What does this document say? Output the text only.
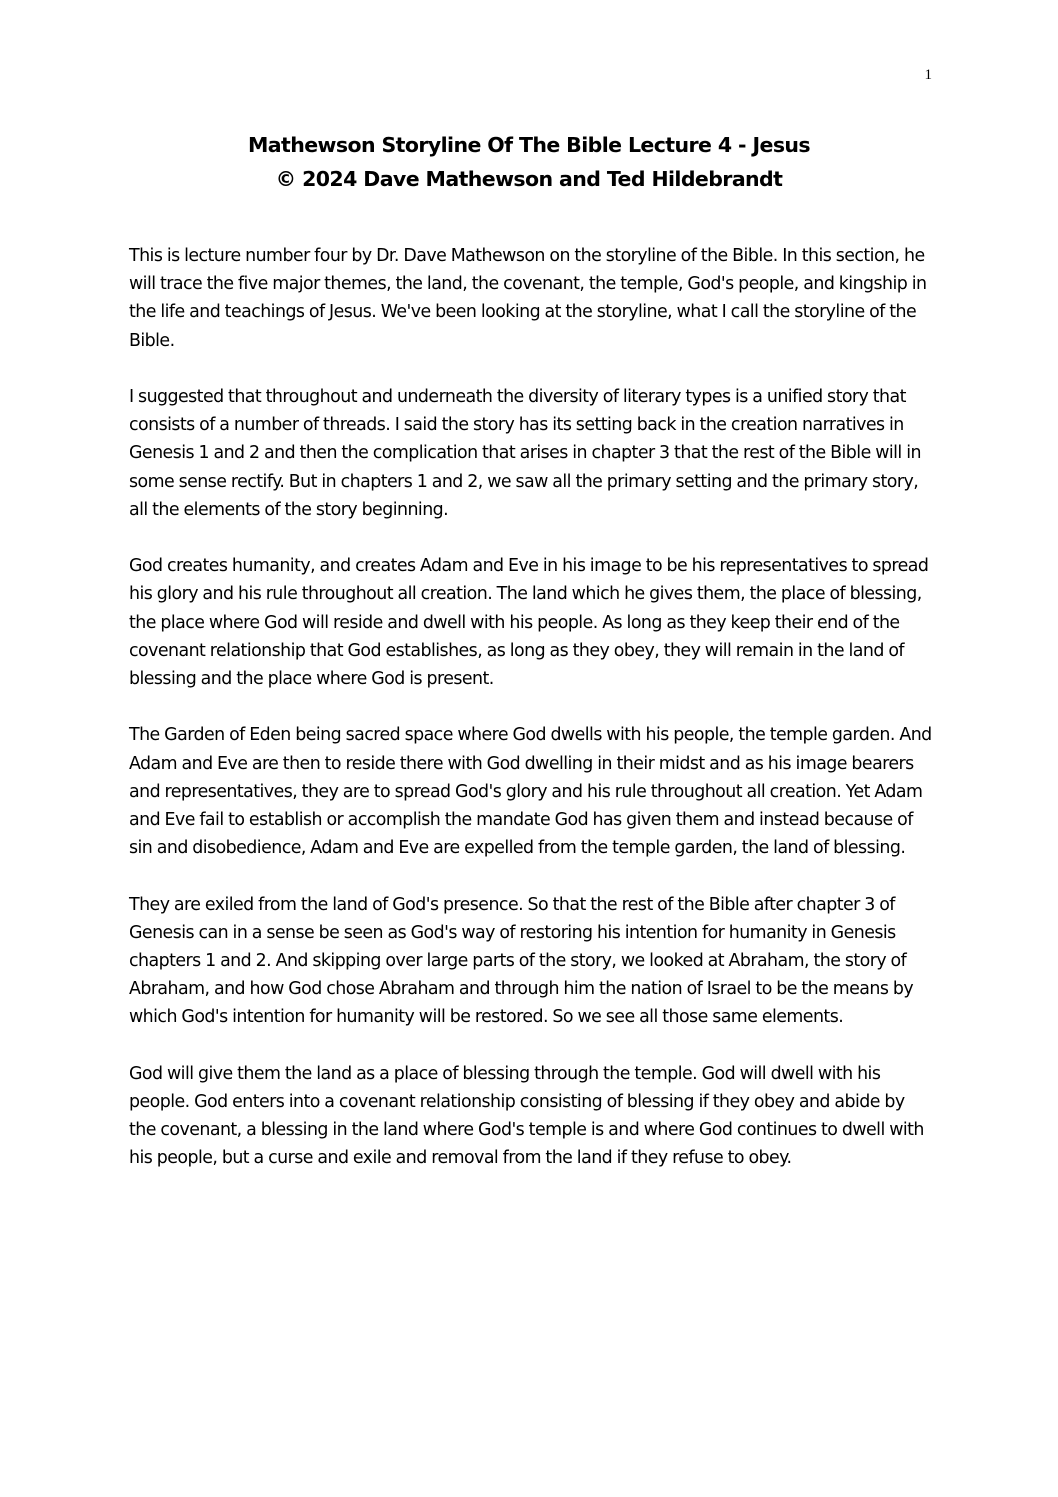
1
Mathewson Storyline Of The Bible Lecture 4 - Jesus
© 2024 Dave Mathewson and Ted Hildebrandt

This is lecture number four by Dr. Dave Mathewson on the storyline of the Bible. In this section, he will trace the five major themes, the land, the covenant, the temple, God's people, and kingship in the life and teachings of Jesus. We've been looking at the storyline, what I call the storyline of the Bible.

I suggested that throughout and underneath the diversity of literary types is a unified story that consists of a number of threads. I said the story has its setting back in the creation narratives in Genesis 1 and 2 and then the complication that arises in chapter 3 that the rest of the Bible will in some sense rectify. But in chapters 1 and 2, we saw all the primary setting and the primary story, all the elements of the story beginning.

God creates humanity, and creates Adam and Eve in his image to be his representatives to spread his glory and his rule throughout all creation. The land which he gives them, the place of blessing, the place where God will reside and dwell with his people. As long as they keep their end of the covenant relationship that God establishes, as long as they obey, they will remain in the land of blessing and the place where God is present.

The Garden of Eden being sacred space where God dwells with his people, the temple garden. And Adam and Eve are then to reside there with God dwelling in their midst and as his image bearers and representatives, they are to spread God's glory and his rule throughout all creation. Yet Adam and Eve fail to establish or accomplish the mandate God has given them and instead because of sin and disobedience, Adam and Eve are expelled from the temple garden, the land of blessing.

They are exiled from the land of God's presence. So that the rest of the Bible after chapter 3 of Genesis can in a sense be seen as God's way of restoring his intention for humanity in Genesis chapters 1 and 2. And skipping over large parts of the story, we looked at Abraham, the story of Abraham, and how God chose Abraham and through him the nation of Israel to be the means by which God's intention for humanity will be restored. So we see all those same elements.

God will give them the land as a place of blessing through the temple. God will dwell with his people. God enters into a covenant relationship consisting of blessing if they obey and abide by the covenant, a blessing in the land where God's temple is and where God continues to dwell with his people, but a curse and exile and removal from the land if they refuse to obey.
